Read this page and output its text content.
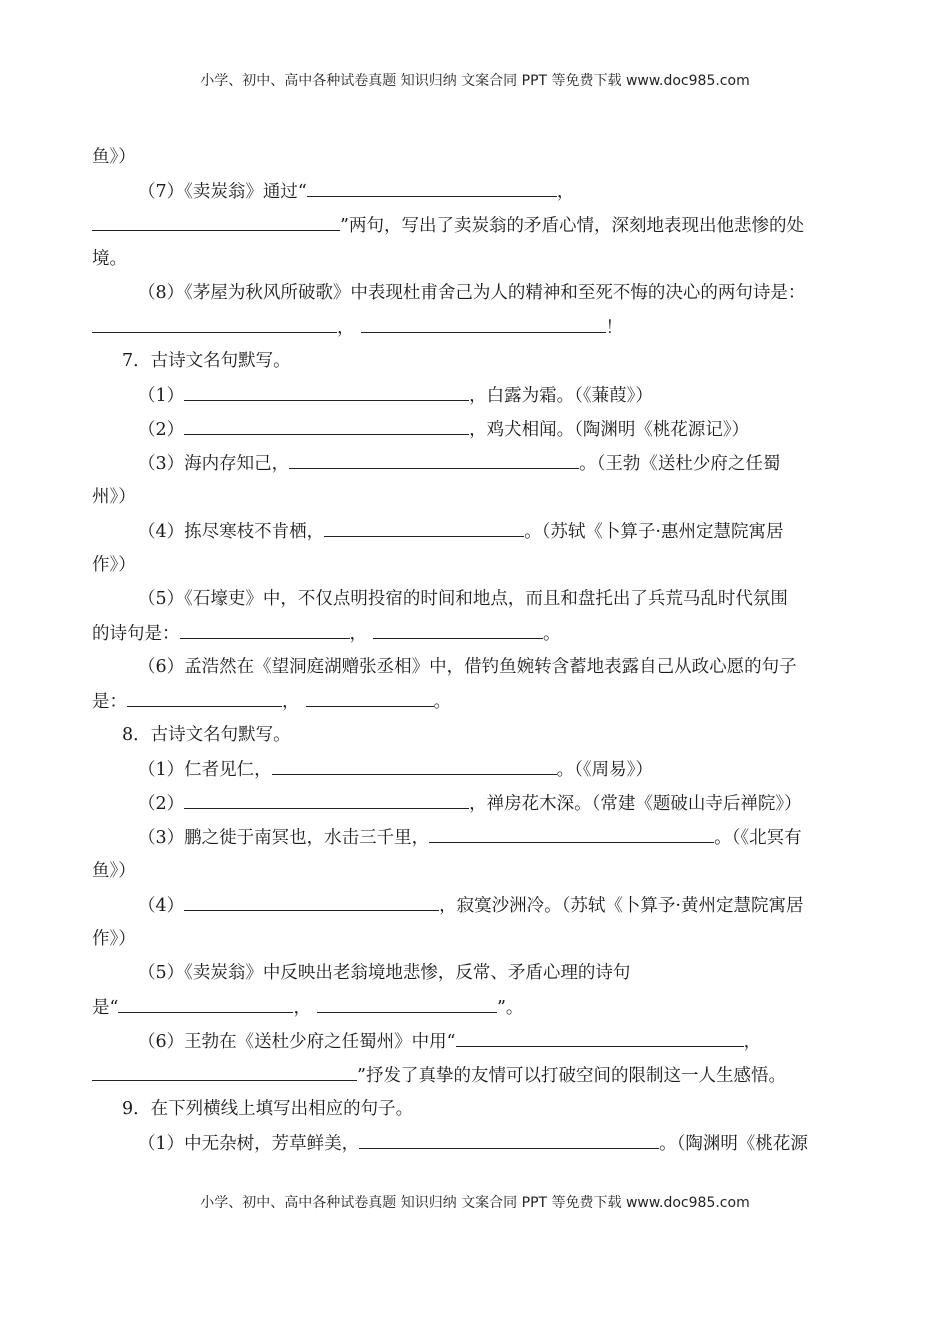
小学、初中、高中各种试卷真题 知识归纳 文案合同 PPT 等免费下载 www.doc985.com
鱼》）
（7）《卖炭翁》通过“	，
”两句，写出了卖炭翁的矛盾心情，深刻地表现出他悲惨的处
境。
（8）《茅屋为秋风所破歌》中表现杜甫舍己为人的精神和至死不悔的决心的两句诗是：
，	！
7．古诗文名句默写。
（1）	，白露为霜。（《蒹葭》）
（2）	，鸡犬相闻。（陶渊明《桃花源记》）
（3）海内存知己，	。（王勃《送杜少府之任蜀
州》）
（4）拣尽寒枝不肯栖，	。（苏轼《卜算子·惠州定慧院寓居
作》）
（5）《石壕吏》中，不仅点明投宿的时间和地点，而且和盘托出了兵荒马乱时代氛围
的诗句是：	，	。
（6）孟浩然在《望洞庭湖赠张丞相》中，借钓鱼婉转含蓄地表露自己从政心愿的句子
是：	，	。
8．古诗文名句默写。
（1）仁者见仁，	。（《周易》）
（2）	，禅房花木深。（常建《题破山寺后禅院》）
（3）鹏之徙于南冥也，水击三千里，	。（《北冥有
鱼》）
（4）	，寂寞沙洲冷。（苏轼《卜算予·黄州定慧院寓居
作》）
（5）《卖炭翁》中反映出老翁境地悲惨，反常、矛盾心理的诗句
是“	，	”。
（6）王勃在《送杜少府之任蜀州》中用“	，
”抒发了真挚的友情可以打破空间的限制这一人生感悟。
9．在下列横线上填写出相应的句子。
（1）中无杂树，芳草鲜美，	。（陶渊明《桃花源
小学、初中、高中各种试卷真题 知识归纳 文案合同 PPT 等免费下载 www.doc985.com
